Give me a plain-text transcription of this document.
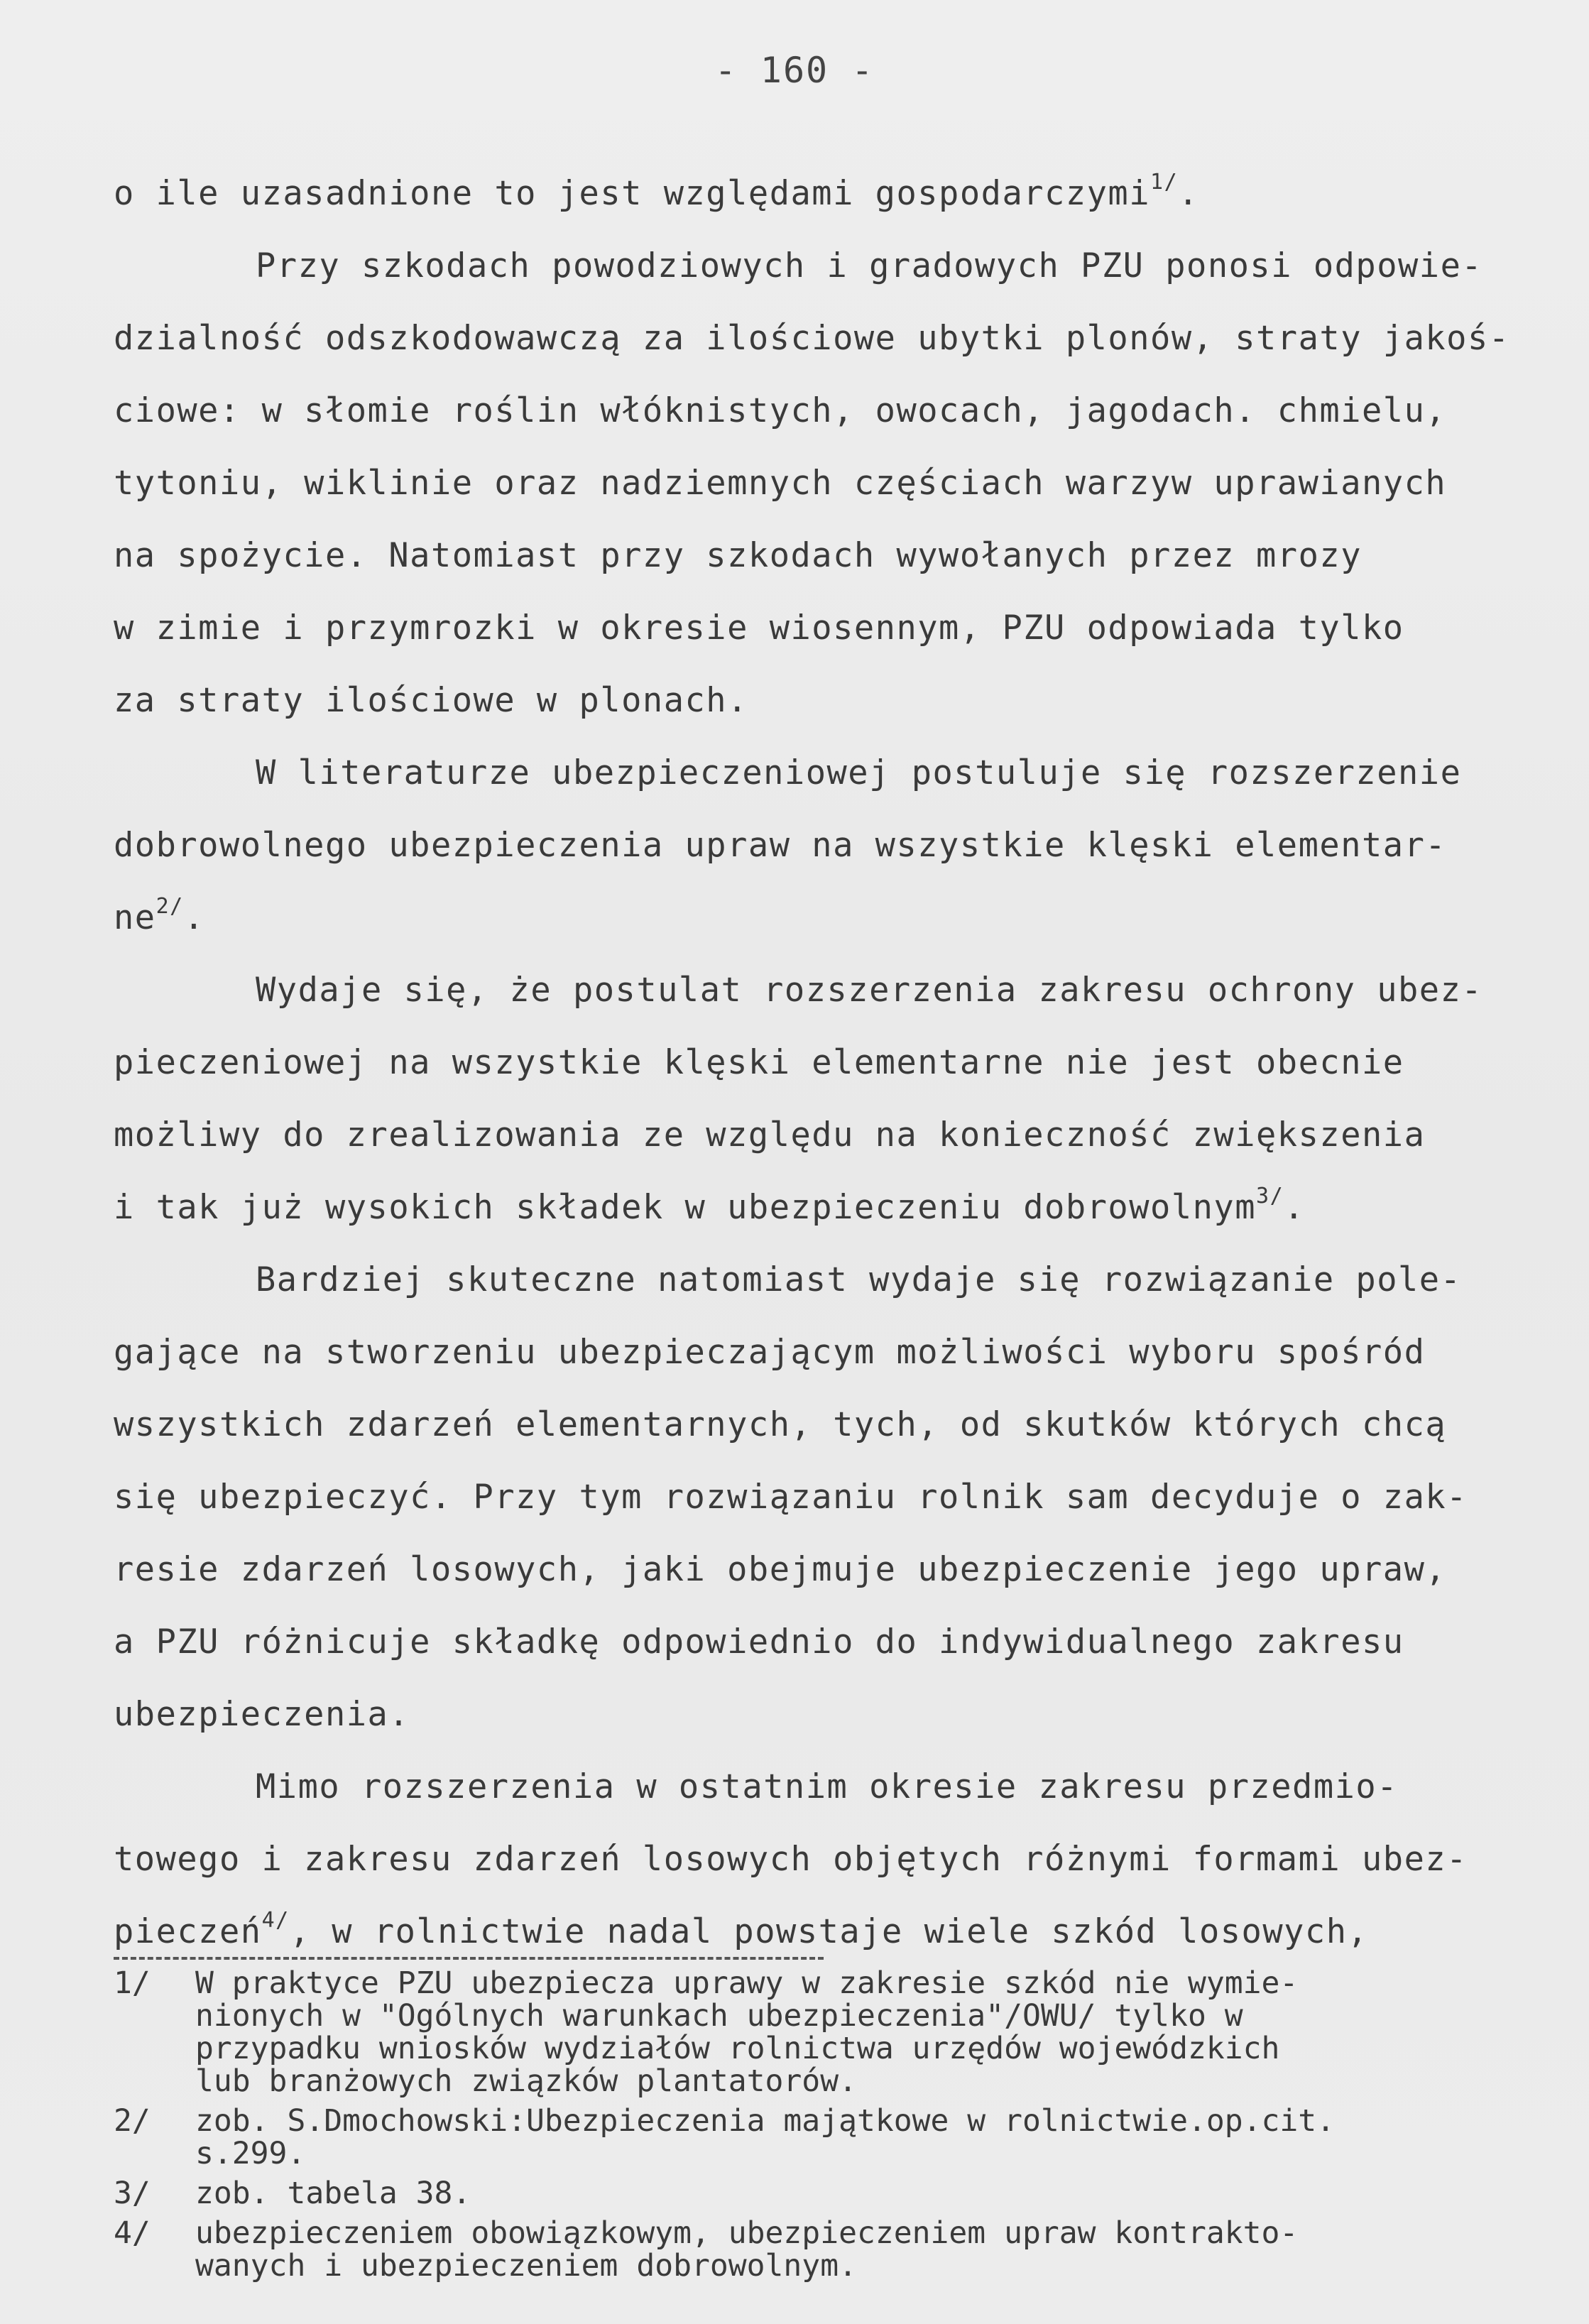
- 160 -
o ile uzasadnione to jest względami gospodarczymi$^{1/}$.
Przy szkodach powodziowych i gradowych PZU ponosi odpowie-
dzialność odszkodowawczą za ilościowe ubytki plonów, straty jakoś-
ciowe: w słomie roślin włóknistych, owocach, jagodach. chmielu,
tytoniu, wiklinie oraz nadziemnych częściach warzyw uprawianych
na spożycie. Natomiast przy szkodach wywołanych przez mrozy
w zimie i przymrozki w okresie wiosennym, PZU odpowiada tylko
za straty ilościowe w plonach.
W literaturze ubezpieczeniowej postuluje się rozszerzenie
dobrowolnego ubezpieczenia upraw na wszystkie klęski elementar-
$ne^{2/}$.
Wydaje się, że postulat rozszerzenia zakresu ochrony ubez-
pieczeniowej na wszystkie klęski elementarne nie jest obecnie
możliwy do zrealizowania ze względu na konieczność zwiększenia
i tak już wysokich składek w ubezpieczeniu dobrowolnym$^{3/}$.
Bardziej skuteczne natomiast wydaje się rozwiązanie pole-
gające na stworzeniu ubezpieczającym możliwości wyboru spośród
wszystkich zdarzeń elementarnych, tych, od skutków których chcą
się ubezpieczyć. Przy tym rozwiązaniu rolnik sam decyduje o zak-
resie zdarzeń losowych, jaki obejmuje ubezpieczenie jego upraw,
a PZU różnicuje składkę odpowiednio do indywidualnego zakresu
ubezpieczenia.
Mimo rozszerzenia w ostatnim okresie zakresu przedmio-
towego i zakresu zdarzeń losowych objętych różnymi formami ubez-
pieczeń$^{4/}$, w rolnictwie nadal powstaje wiele szkód losowych,
1/	W praktyce PZU ubezpiecza uprawy w zakresie szkód nie wymie-
nionych w "Ogólnych warunkach ubezpieczenia"/OWU/ tylko w
przypadku wniosków wydziałów rolnictwa urzędów wojewódzkich
lub branżowych związków plantatorów.
2/	zob. S.Dmochowski:Ubezpieczenia majątkowe w rolnictwie.op.cit.
s.299.
3/	zob. tabela 38.
4/	ubezpieczeniem obowiązkowym, ubezpieczeniem upraw kontrakto-
wanych i ubezpieczeniem dobrowolnym.
